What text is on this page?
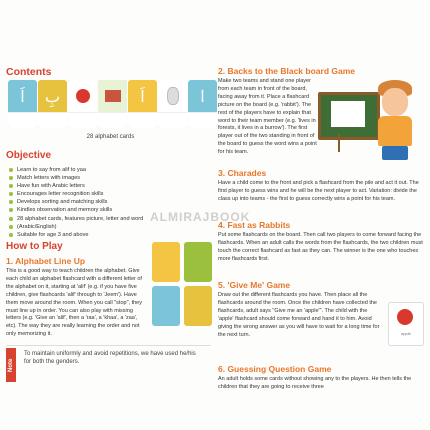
Contents
اَ	بِ	اَ	ا
28 alphabet cards
Objective
Learn to say from alif to yaa
Match letters with images
Have fun with Arabic letters
Encourages letter recognition skills
Develops sorting and matching skills
Kindles observation and memory skills
28 alphabet cards, features picture, letter and word
(Arabic/English)
Suitable for age 3 and above
How to Play
1. Alphabet Line Up
This is a good way to teach children the alphabet. Give each child an alphabet flashcard with a different letter of the alphabet on it, starting at 'alif' (e.g. if you have five children, give flashcards 'alif' through to 'Jeem'). Have them move around the room. When you call "stop", they must line up in order. You can also play with missing letters (e.g. 'Give an 'alif', then a 'raa', a 'khaa', a 'zaa', etc). The way they are really learning the order and not only memorizing it.
Note
To maintain uniformly and avoid repetitions, we have used he/his for both the genders.
2. Backs to the Black board Game
Make two teams and stand one player from each team in front of the board, facing away from it. Place a flashcard picture on the board (e.g. 'rabbit'). The rest of the players have to explain that word to their team member (e.g. 'lives in forests, it lives in a burrow'). The first player out of the two standing in front of the board to guess the word wins a point for his team.
3. Charades
Have a child come to the front and pick a flashcard from the pile and act it out. The first player to guess wins and he will be the next player to act. Variation: divide the class up into teams - the first to guess correctly wins a point for his team.
4. Fast as Rabbits
Put some flashcards on the board. Then call two players to come forward facing the flashcards. When an adult calls the words from the flashcards, the two children must touch the correct flashcard as fast as they can. The winner is the one who touches more flashcards first.
5. 'Give Me' Game
Draw out the different flashcards you have. Then place all the flashcards around the room. Once the children have collected the flashcards, adult says "Give me an 'apple'". The child with the 'apple' flashcard should come forward and hand it to him. Avoid giving the wrong answer as you will have to wait for a long time for the next turn.	apple
6. Guessing Question Game
An adult holds some cards without showing any to the players. He then tells the children that they are going to receive three
ALMIRAJBOOK
